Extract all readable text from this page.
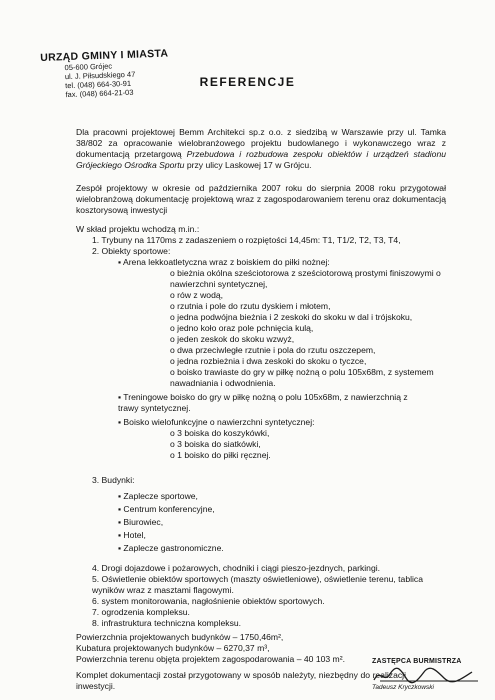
URZĄD GMINY I MIASTA
05-600 Grójec
ul. J. Piłsudskiego 47
tel. (048) 664-30-91
fax. (048) 664-21-03
REFERENCJE
Dla pracowni projektowej Bemm Architekci sp.z o.o. z siedzibą w Warszawie przy ul. Tamka 38/802 za opracowanie wielobranżowego projektu budowlanego i wykonawczego wraz z dokumentacją przetargową Przebudowa i rozbudowa zespołu obiektów i urządzeń stadionu Grójeckiego Ośrodka Sportu przy ulicy Laskowej 17 w Grójcu.
Zespół projektowy w okresie od października 2007 roku do sierpnia 2008 roku przygotował wielobranżową dokumentację projektową wraz z zagospodarowaniem terenu oraz dokumentacją kosztorysową inwestycji
W skład projektu wchodzą m.in.:
1. Trybuny na 1170ms z zadaszeniem o rozpiętości 14,45m: T1, T1/2, T2, T3, T4,
2. Obiekty sportowe:
▪ Arena lekkoatletyczna wraz z boiskiem do piłki nożnej:
o bieżnia okólna sześciotorowa z sześciotorową prostymi finiszowymi o
nawierzchni syntetycznej,
o rów z wodą,
o rzutnia i pole do rzutu dyskiem i młotem,
o jedna podwójna bieżnia i 2 zeskoki do skoku w dal i trójskoku,
o jedno koło oraz pole pchnięcia kulą,
o jeden zeskok do skoku wzwyż,
o dwa przeciwległe rzutnie i pola do rzutu oszczepem,
o jedna rozbieżnia i dwa zeskoki do skoku o tyczce,
o boisko trawiaste do gry w piłkę nożną o polu 105x68m, z systemem
nawadniania i odwodnienia.
▪ Treningowe boisko do gry w piłkę nożną o polu 105x68m, z nawierzchnią z
trawy syntetycznej.
▪ Boisko wielofunkcyjne o nawierzchni syntetycznej:
o 3 boiska do koszykówki,
o 3 boiska do siatkówki,
o 1 boisko do piłki ręcznej.
3. Budynki:
▪ Zaplecze sportowe,
▪ Centrum konferencyjne,
▪ Biurowiec,
▪ Hotel,
▪ Zaplecze gastronomiczne.
4. Drogi dojazdowe i pożarowych, chodniki i ciągi pieszo-jezdnych, parkingi.
5. Oświetlenie obiektów sportowych (maszty oświetleniowe), oświetlenie terenu, tablica
wyników wraz z masztami flagowymi.
6. system monitorowania, nagłośnienie obiektów sportowych.
7. ogrodzenia kompleksu.
8. infrastruktura techniczna kompleksu.
Powierzchnia projektowanych budynków – 1750,46m²,
Kubatura projektowanych budynków – 6270,37 m³,
Powierzchnia terenu objęta projektem zagospodarowania – 40 103 m².
Komplet dokumentacji został przygotowany w sposób należyty, niezbędny do realizacji inwestycji.
ZASTĘPCA BURMISTRZA
Tadeusz Kryczkowski
